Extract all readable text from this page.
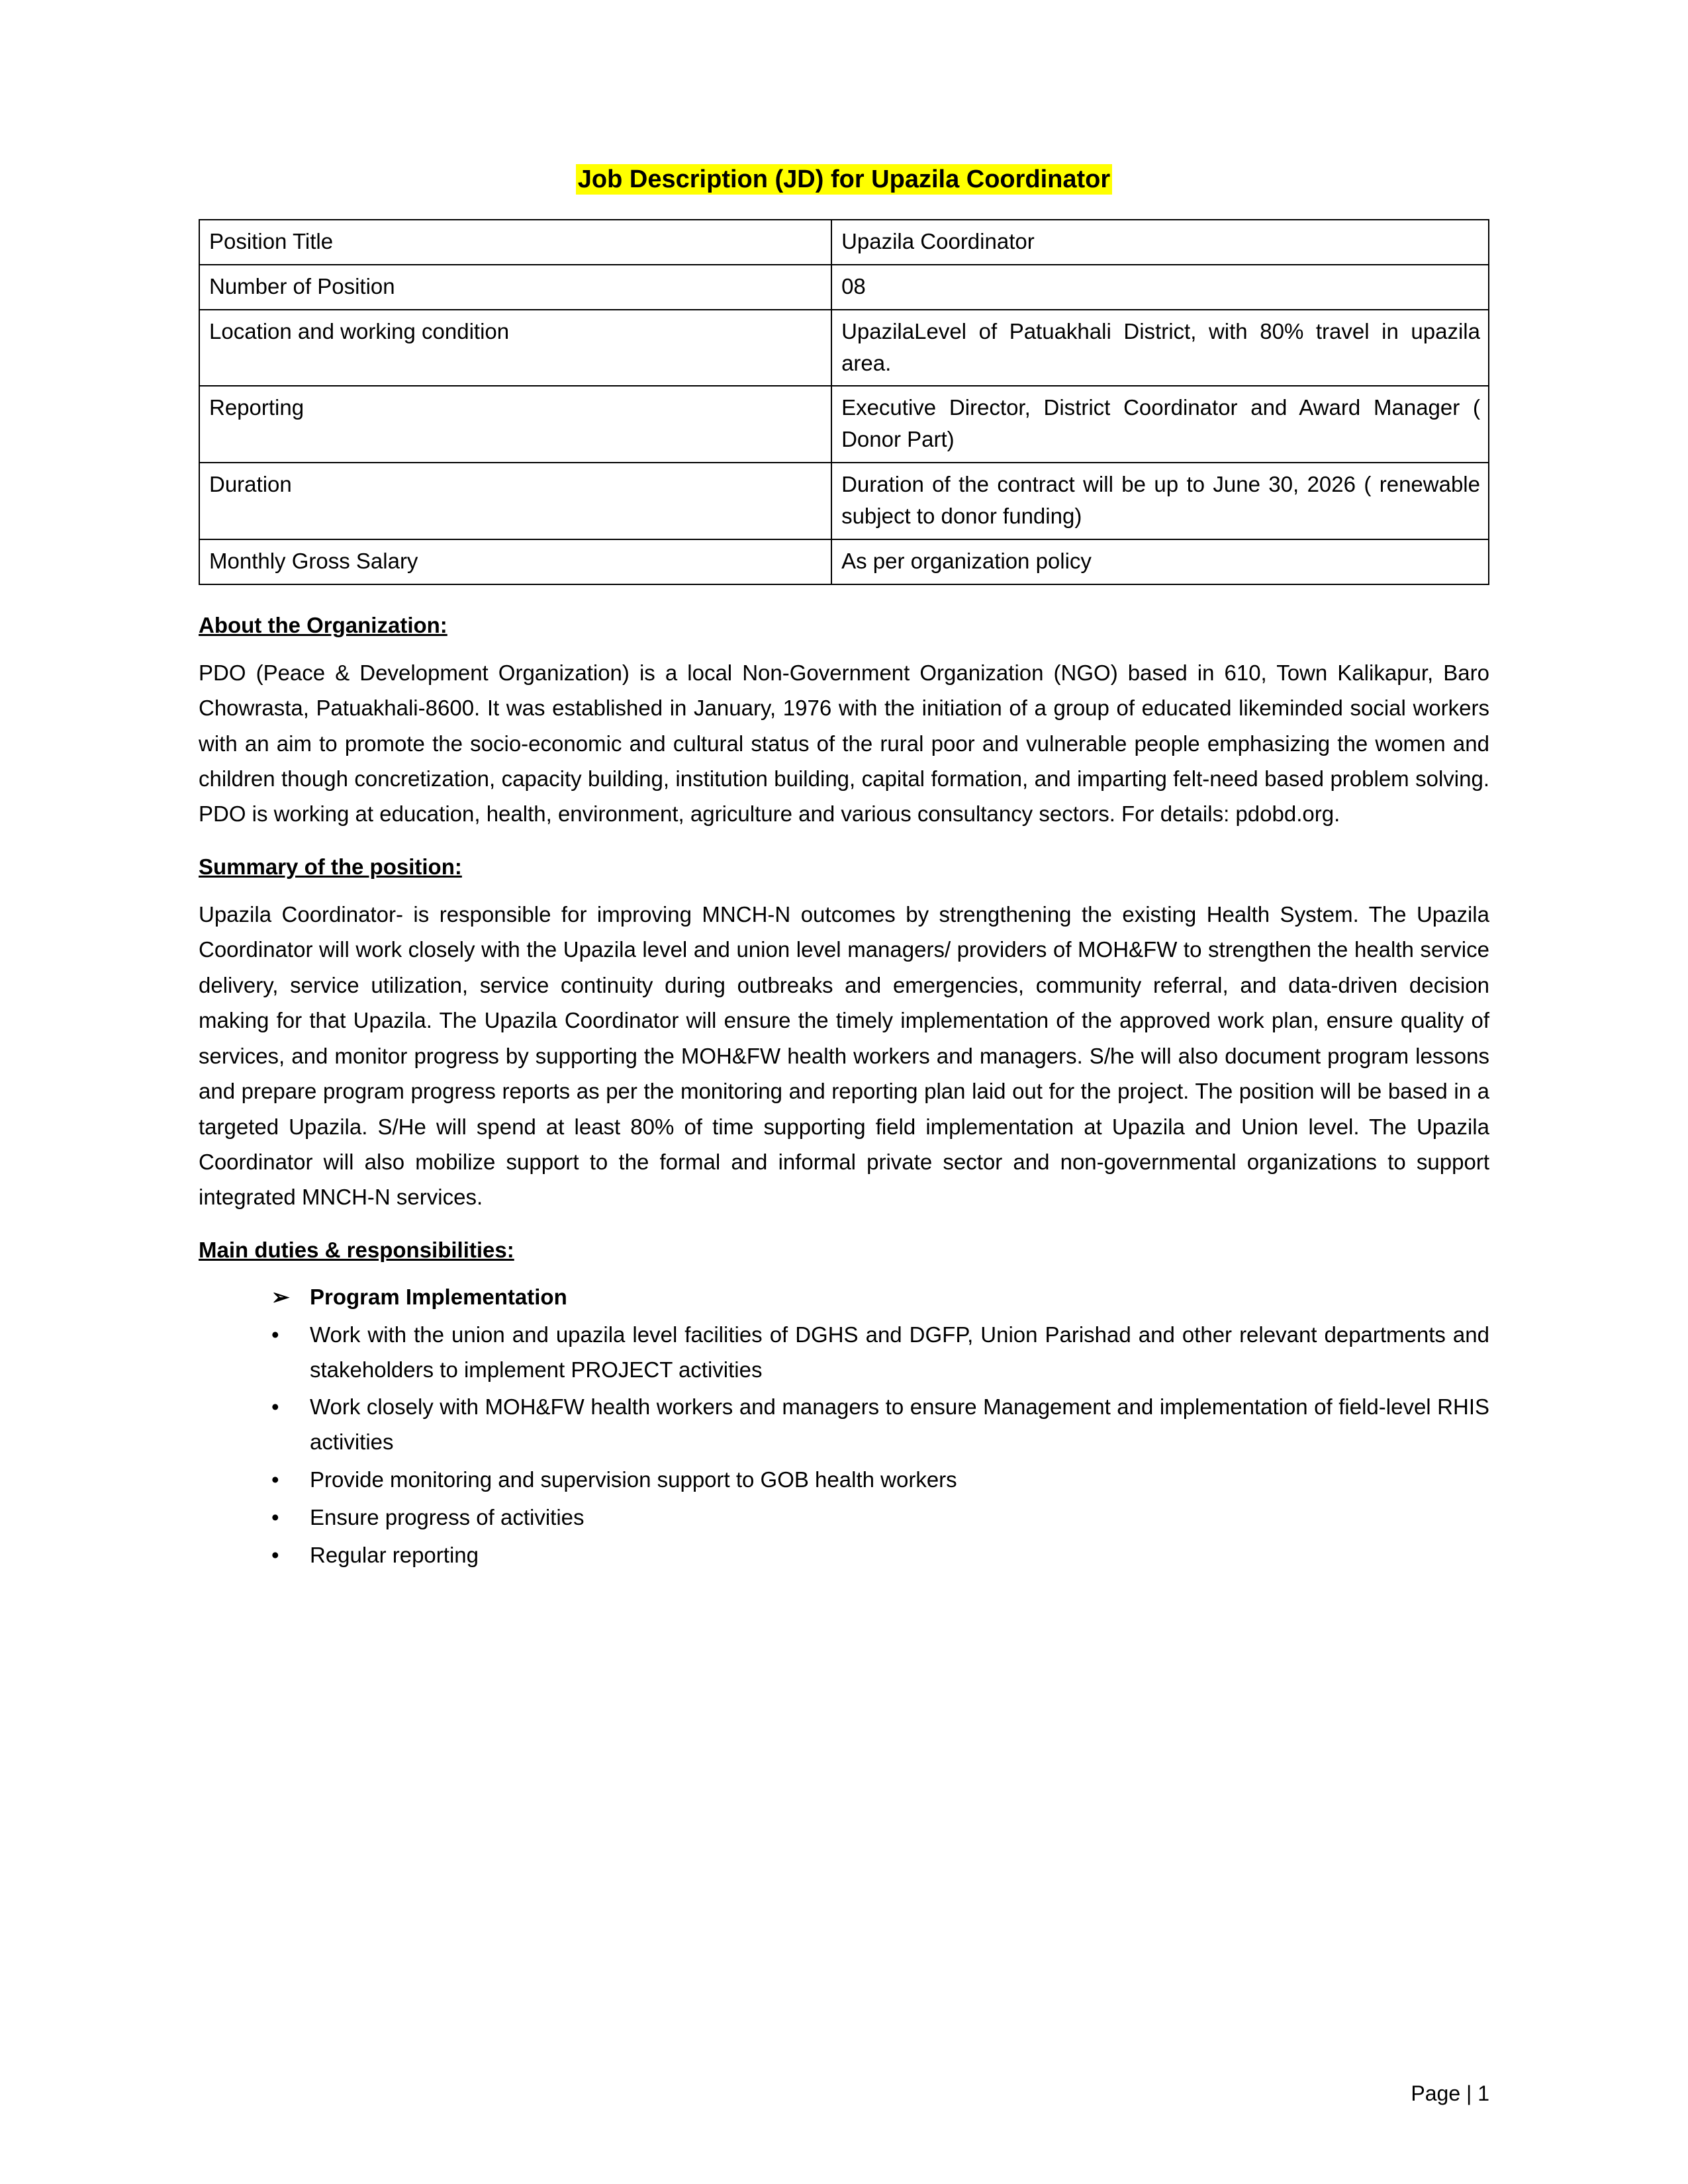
Job Description (JD) for Upazila Coordinator
Position Title	Upazila Coordinator
Number of Position	08
Location and working condition	UpazilaLevel of Patuakhali District, with 80% travel in upazila area.
Reporting	Executive Director, District Coordinator and Award Manager ( Donor Part)
Duration	Duration of the contract will be up to June 30, 2026 ( renewable subject to donor funding)
Monthly Gross Salary	As per organization policy
About the Organization:

PDO (Peace & Development Organization) is a local Non-Government Organization (NGO) based in 610, Town Kalikapur, Baro Chowrasta, Patuakhali-8600. It was established in January, 1976 with the initiation of a group of educated likeminded social workers with an aim to promote the socio-economic and cultural status of the rural poor and vulnerable people emphasizing the women and children though concretization, capacity building, institution building, capital formation, and imparting felt-need based problem solving. PDO is working at education, health, environment, agriculture and various consultancy sectors. For details: pdobd.org.

Summary of the position:

Upazila Coordinator- is responsible for improving MNCH-N outcomes by strengthening the existing Health System. The Upazila Coordinator will work closely with the Upazila level and union level managers/ providers of MOH&FW to strengthen the health service delivery, service utilization, service continuity during outbreaks and emergencies, community referral, and data-driven decision making for that Upazila. The Upazila Coordinator will ensure the timely implementation of the approved work plan, ensure quality of services, and monitor progress by supporting the MOH&FW health workers and managers. S/he will also document program lessons and prepare program progress reports as per the monitoring and reporting plan laid out for the project. The position will be based in a targeted Upazila. S/He will spend at least 80% of time supporting field implementation at Upazila and Union level. The Upazila Coordinator will also mobilize support to the formal and informal private sector and non-governmental organizations to support integrated MNCH-N services.

Main duties & responsibilities:
➢ Program Implementation
• Work with the union and upazila level facilities of DGHS and DGFP, Union Parishad and other relevant departments and stakeholders to implement PROJECT activities
• Work closely with MOH&FW health workers and managers to ensure Management and implementation of field-level RHIS activities
• Provide monitoring and supervision support to GOB health workers
• Ensure progress of activities
• Regular reporting
Page | 1
